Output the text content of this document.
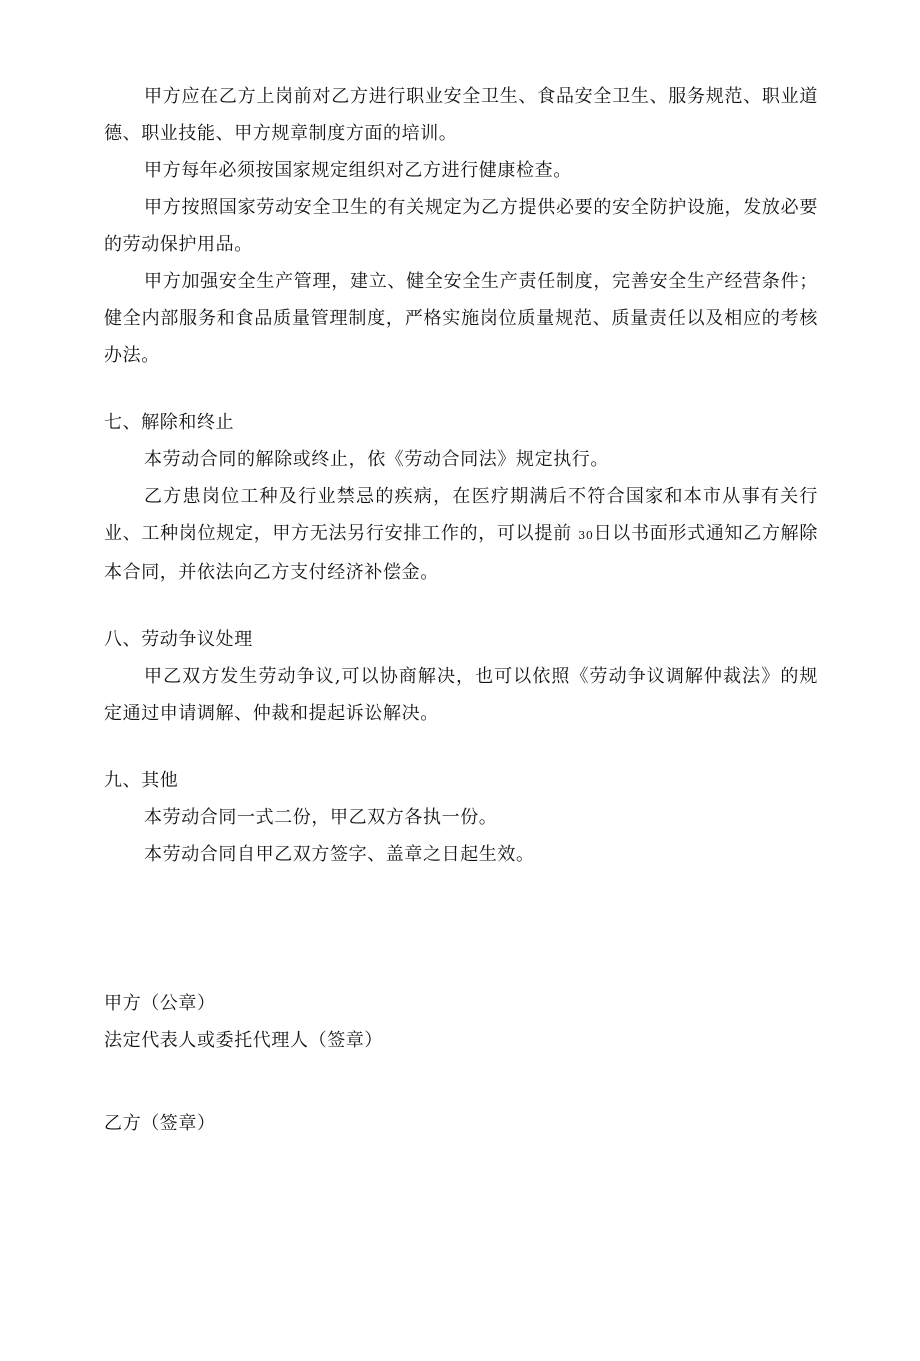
甲方应在乙方上岗前对乙方进行职业安全卫生、食品安全卫生、服务规范、职业道德、职业技能、甲方规章制度方面的培训。

甲方每年必须按国家规定组织对乙方进行健康检查。

甲方按照国家劳动安全卫生的有关规定为乙方提供必要的安全防护设施，发放必要的劳动保护用品。

甲方加强安全生产管理，建立、健全安全生产责任制度，完善安全生产经营条件；健全内部服务和食品质量管理制度，严格实施岗位质量规范、质量责任以及相应的考核办法。

七、解除和终止

本劳动合同的解除或终止，依《劳动合同法》规定执行。

乙方患岗位工种及行业禁忌的疾病，在医疗期满后不符合国家和本市从事有关行业、工种岗位规定，甲方无法另行安排工作的，可以提前 30日以书面形式通知乙方解除本合同，并依法向乙方支付经济补偿金。

八、劳动争议处理

甲乙双方发生劳动争议,可以协商解决，也可以依照《劳动争议调解仲裁法》的规定通过申请调解、仲裁和提起诉讼解决。

九、其他

本劳动合同一式二份，甲乙双方各执一份。

本劳动合同自甲乙双方签字、盖章之日起生效。

甲方（公章）

法定代表人或委托代理人（签章）

乙方（签章）
